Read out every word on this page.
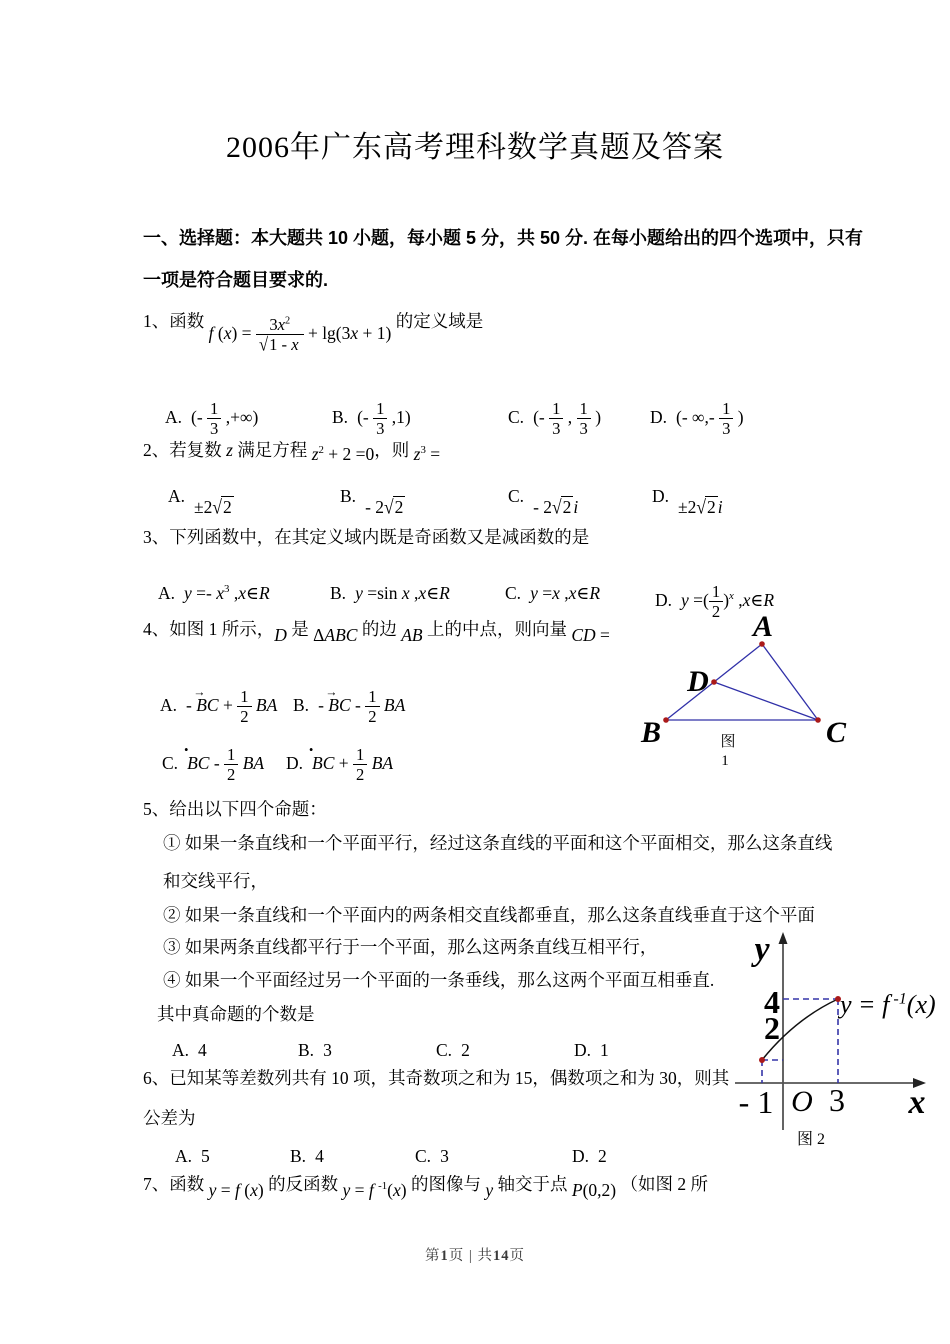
2006年广东高考理科数学真题及答案
一、选择题：本大题共 10 小题，每小题 5 分，共 50 分. 在每小题给出的四个选项中，只有
一项是符合题目要求的.
1、函数 f $(x) = \frac{3x^2}{√1 - x} + \lg(3x + 1)$ 的定义域是
A. (- $\frac{1}{3}$ ,+∞)	B. (- $\frac{1}{3} ,1$)	C. (- $\frac{1}{3}$ , $\frac{1}{3}$ )	D. (- ∞,- $\frac{1}{3}$ )
2、若复数 z 满足方程 $z^2 + 2 =0$，则 $z^3$ =
A.±2√2
B.- 2√2
C.- 2√2 i
D.±2√2 i
3、下列函数中，在其定义域内既是奇函数又是减函数的是
A. $y =- x^3$ ,x∈R	B. y =sin x ,x∈R	C. y =x ,x∈R	D. y =( $\frac{1}{2} )^x$ ,x∈R
4、如图 1 所示，D 是 ΔABC 的边 AB 上的中点，则向量 CD =
A. - → BC + $\frac{1}{2}$ BA B. - → BC - $\frac{1}{2}$ BA
C. • BC - $\frac{1}{2}$ BA D. • BC + $\frac{1}{2}$ BA
A
B	C
D
图
1
5、给出以下四个命题：
① 如果一条直线和一个平面平行，经过这条直线的平面和这个平面相交，那么这条直线
和交线平行，
② 如果一条直线和一个平面内的两条相交直线都垂直，那么这条直线垂直于这个平面
③ 如果两条直线都平行于一个平面，那么这两条直线互相平行，
④ 如果一个平面经过另一个平面的一条垂线，那么这两个平面互相垂直.
其中真命题的个数是
A. 4	B. 3	C. 2	D. 1
6、已知某等差数列共有 10 项，其奇数项之和为 15，偶数项之和为 30，则其
公差为
A. 5	B. 4	C. 3	D. 2
y
x
4
2
- 1 O 3
图 2
y = f $^{-1}$(x)
7、函数 y = f (x) 的反函数 y = f $^{-1}$(x) 的图像与 y 轴交于点 P(0,2) （如图 2 所
第1页 | 共14页
